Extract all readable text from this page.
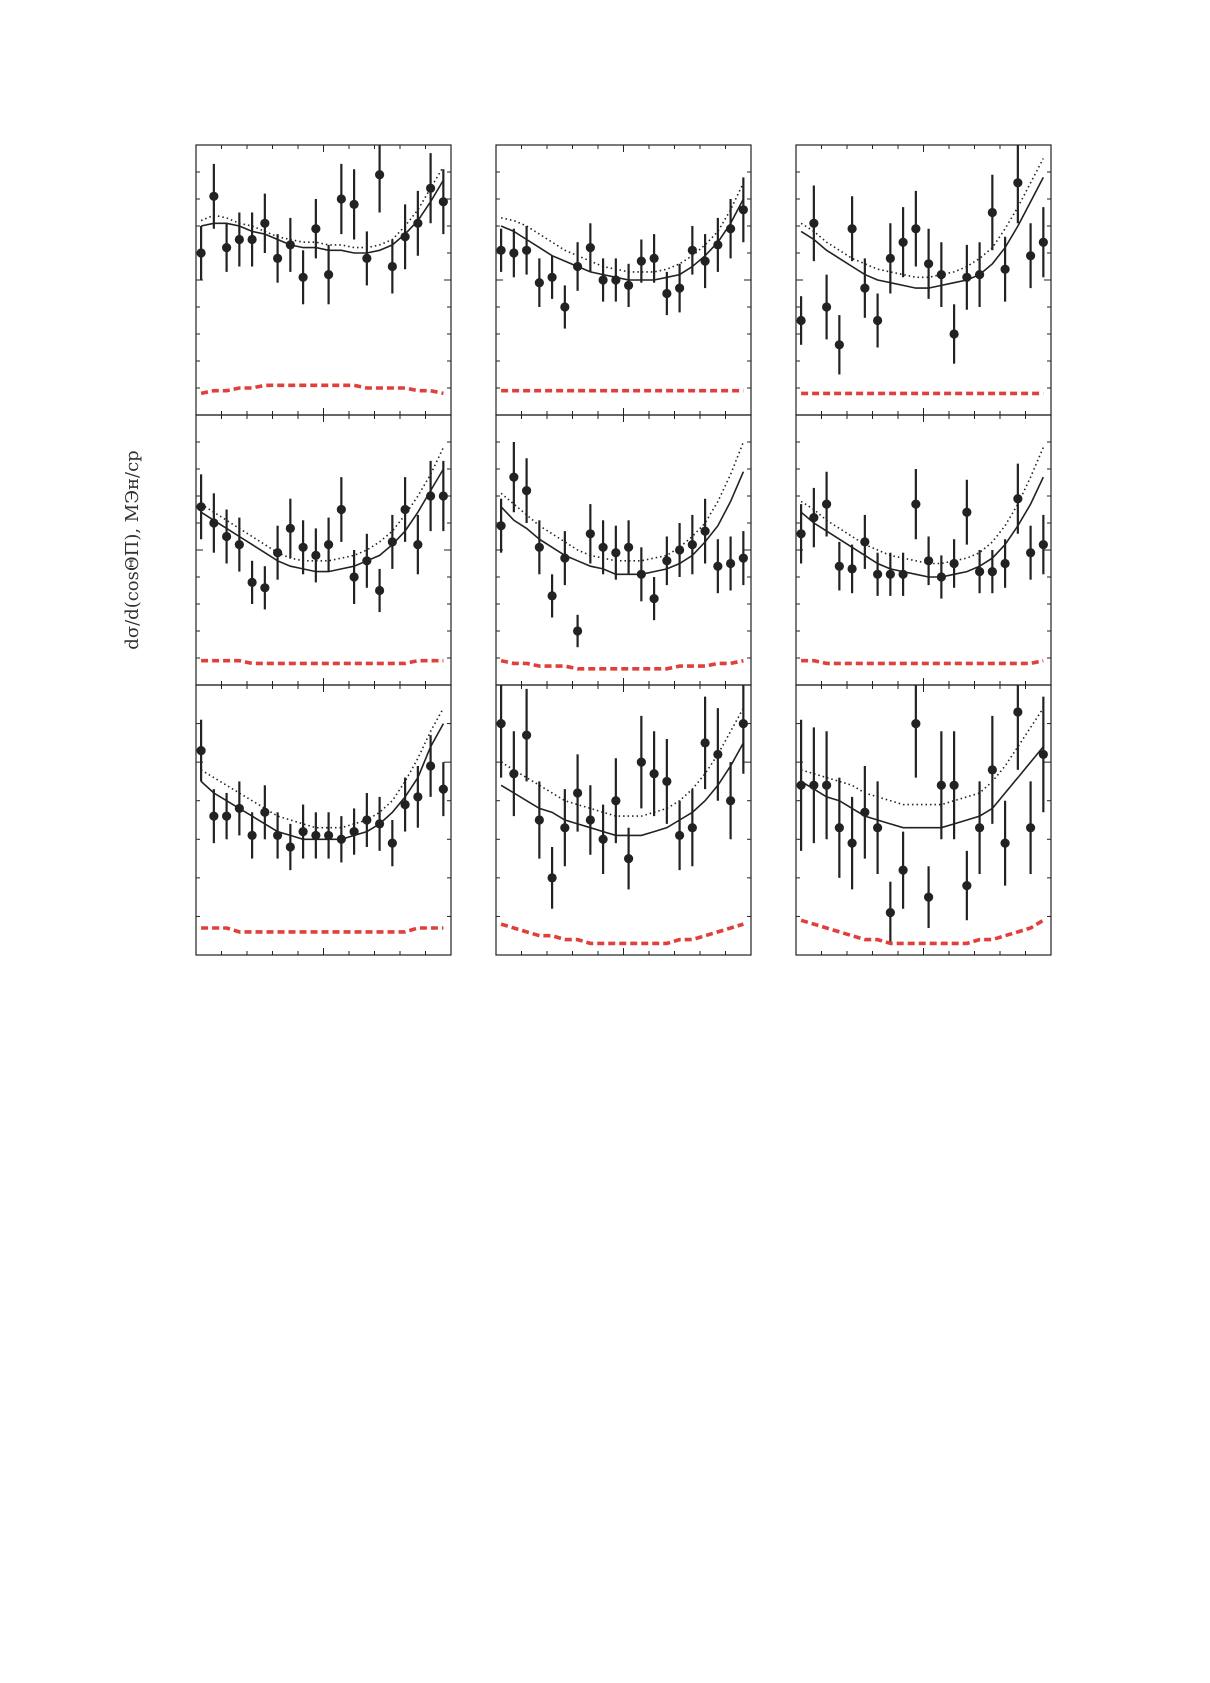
dσ/d(cosΘП), МЭн/ср
